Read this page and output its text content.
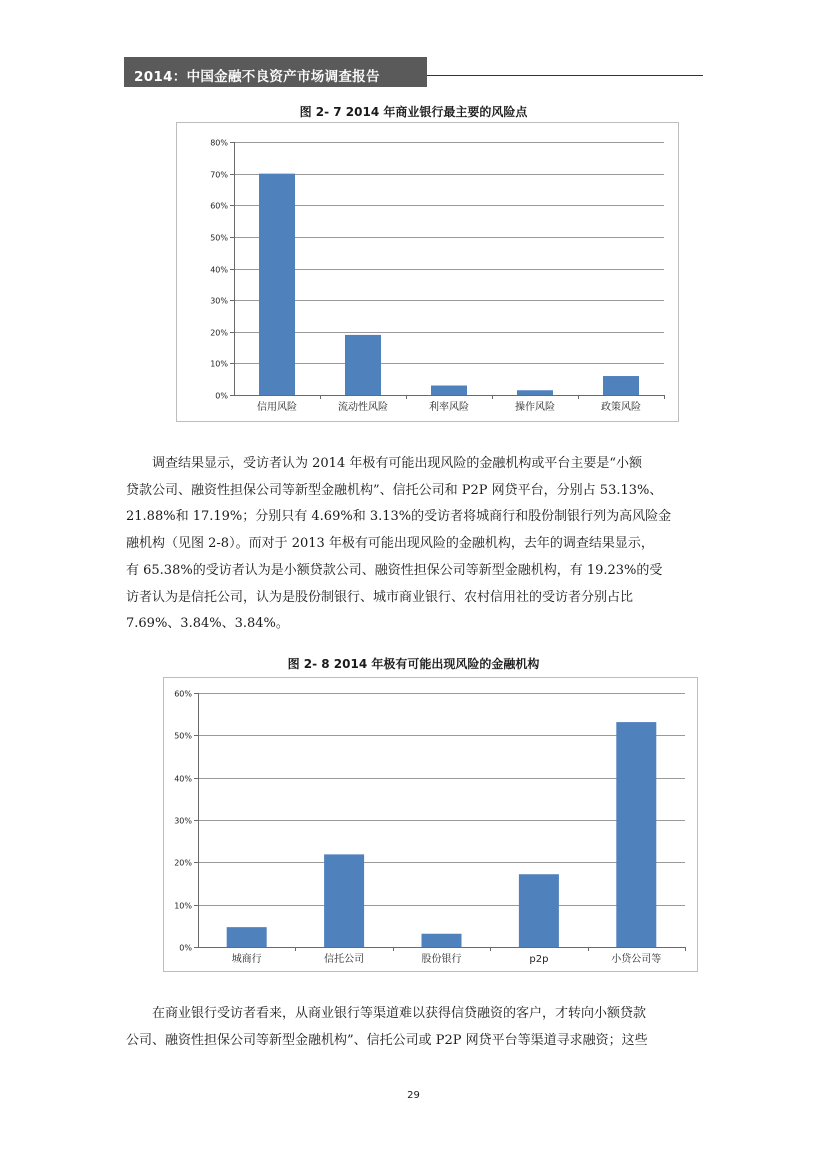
2014：中国金融不良资产市场调查报告
图 2- 7 2014 年商业银行最主要的风险点
0%
10%
20%
30%
40%
50%
60%
70%
80%
信用风险	流动性风险	利率风险	操作风险	政策风险

调查结果显示，受访者认为 2014 年极有可能出现风险的金融机构或平台主要是“小额
贷款公司、融资性担保公司等新型金融机构”、信托公司和 P2P 网贷平台，分别占 53.13%、
21.88%和 17.19%；分别只有 4.69%和 3.13%的受访者将城商行和股份制银行列为高风险金
融机构（见图 2-8）。而对于 2013 年极有可能出现风险的金融机构，去年的调查结果显示，
有 65.38%的受访者认为是小额贷款公司、融资性担保公司等新型金融机构，有 19.23%的受
访者认为是信托公司，认为是股份制银行、城市商业银行、农村信用社的受访者分别占比
7.69%、3.84%、3.84%。

图 2- 8 2014 年极有可能出现风险的金融机构
0%
10%
20%
30%
40%
50%
60%
城商行	信托公司	股份银行	p2p	小贷公司等

在商业银行受访者看来，从商业银行等渠道难以获得信贷融资的客户，才转向小额贷款
公司、融资性担保公司等新型金融机构”、信托公司或 P2P 网贷平台等渠道寻求融资；这些

29
